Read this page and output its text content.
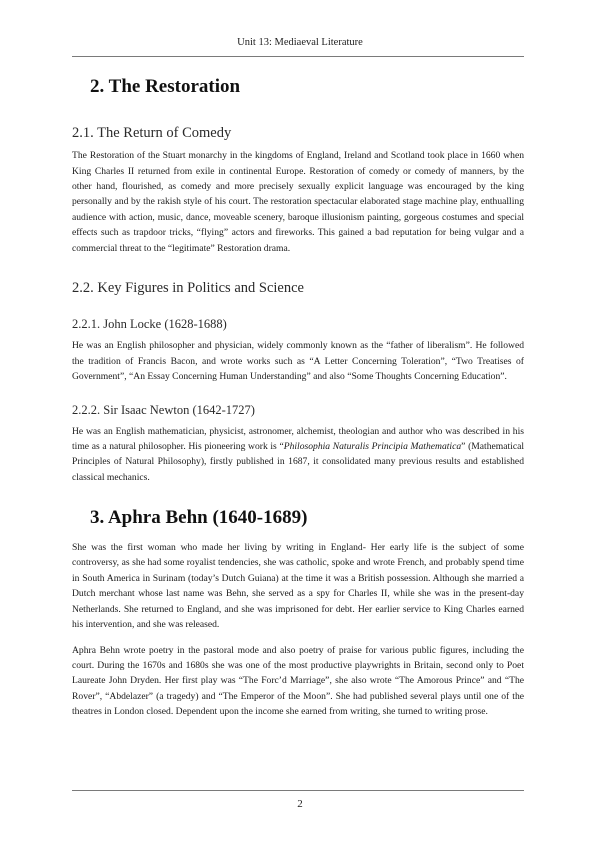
Unit 13: Mediaeval Literature
2. The Restoration
2.1. The Return of Comedy

The Restoration of the Stuart monarchy in the kingdoms of England, Ireland and Scotland took place in 1660 when King Charles II returned from exile in continental Europe. Restoration of comedy or comedy of manners, by the other hand, flourished, as comedy and more precisely sexually explicit language was encouraged by the king personally and by the rakish style of his court. The restoration spectacular elaborated stage machine play, enthualling audience with action, music, dance, moveable scenery, baroque illusionism painting, gorgeous costumes and special effects such as trapdoor tricks, “flying” actors and fireworks. This gained a bad reputation for being vulgar and a commercial threat to the “legitimate” Restoration drama.

2.2. Key Figures in Politics and Science
2.2.1. John Locke (1628-1688)

He was an English philosopher and physician, widely commonly known as the “father of liberalism”. He followed the tradition of Francis Bacon, and wrote works such as “A Letter Concerning Toleration”, “Two Treatises of Government”, “An Essay Concerning Human Understanding” and also “Some Thoughts Concerning Education”.

2.2.2. Sir Isaac Newton (1642-1727)

He was an English mathematician, physicist, astronomer, alchemist, theologian and author who was described in his time as a natural philosopher. His pioneering work is “Philosophia Naturalis Principia Mathematica” (Mathematical Principles of Natural Philosophy), firstly published in 1687, it consolidated many previous results and established classical mechanics.

3. Aphra Behn (1640-1689)

She was the first woman who made her living by writing in England- Her early life is the subject of some controversy, as she had some royalist tendencies, she was catholic, spoke and wrote French, and probably spend time in South America in Surinam (today’s Dutch Guiana) at the time it was a British possession. Although she married a Dutch merchant whose last name was Behn, she served as a spy for Charles II, while she was in the present-day Netherlands. She returned to England, and she was imprisoned for debt. Her earlier service to King Charles earned his intervention, and she was released.

Aphra Behn wrote poetry in the pastoral mode and also poetry of praise for various public figures, including the court. During the 1670s and 1680s she was one of the most productive playwrights in Britain, second only to Poet Laureate John Dryden. Her first play was “The Forc’d Marriage”, she also wrote “The Amorous Prince” and “The Rover”, “Abdelazer” (a tragedy) and “The Emperor of the Moon”. She had published several plays until one of the theatres in London closed. Dependent upon the income she earned from writing, she turned to writing prose.

2
